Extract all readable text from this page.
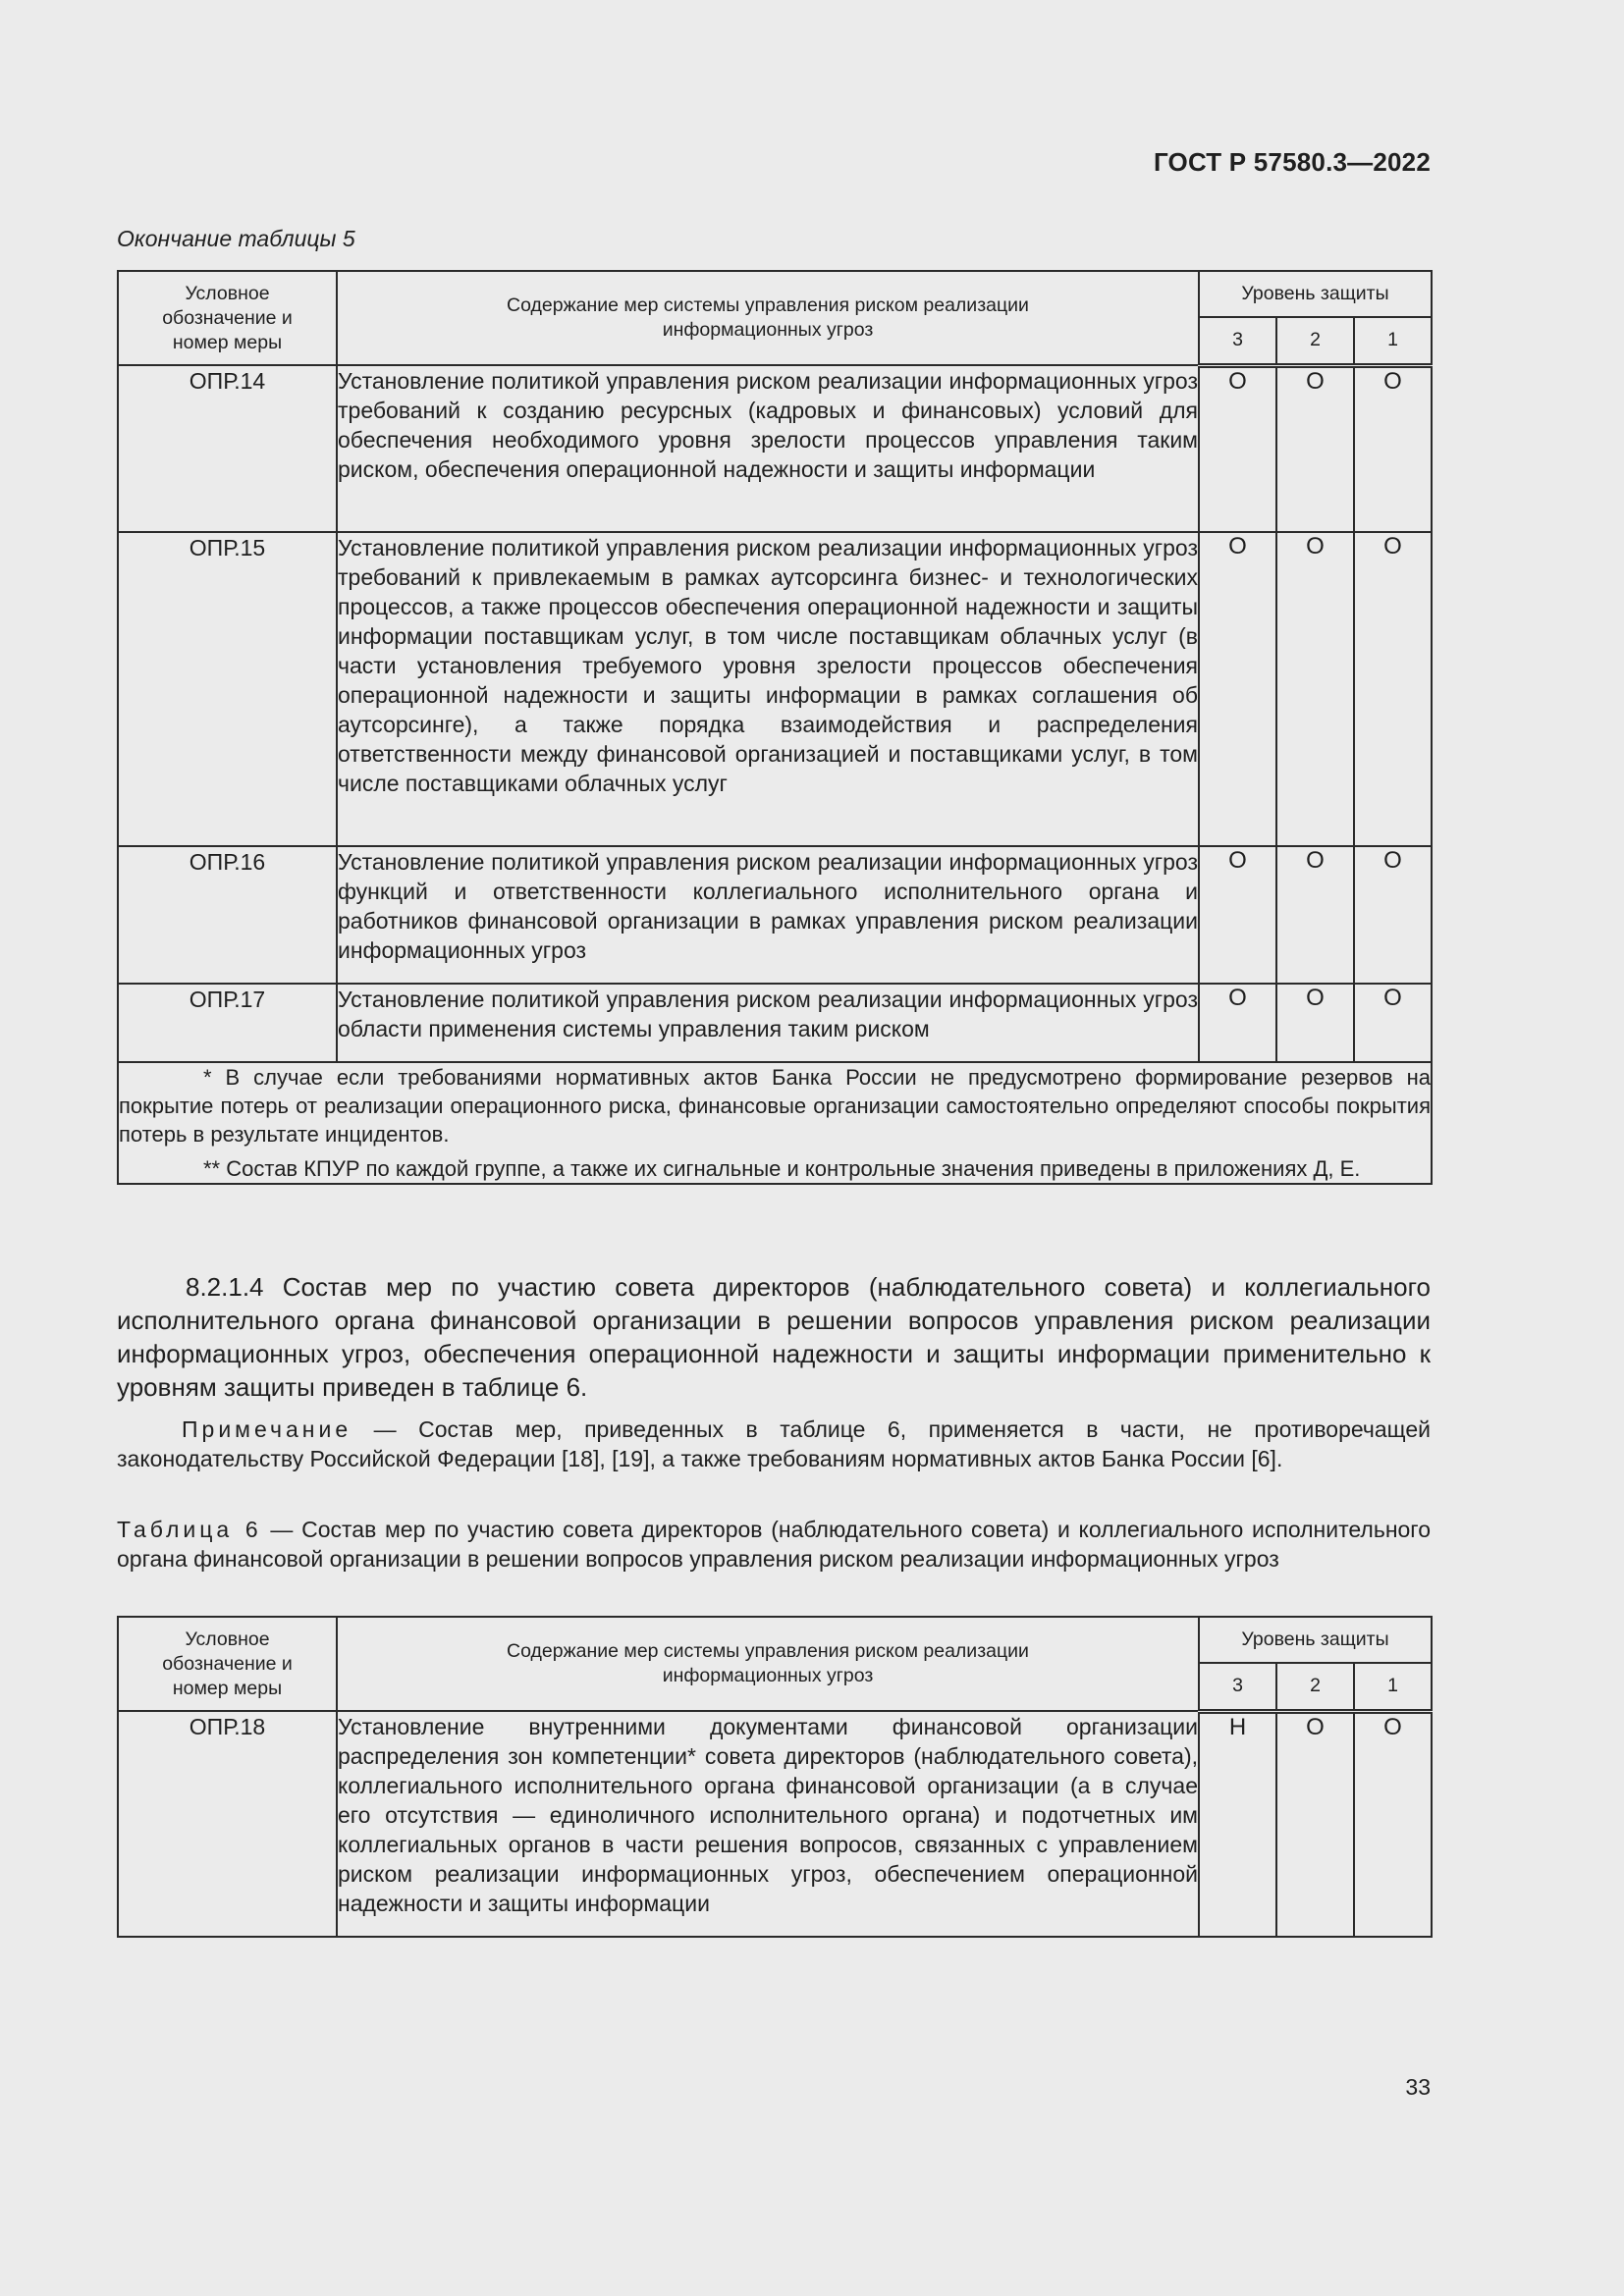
ГОСТ Р 57580.3—2022
Окончание таблицы 5
Условное обозначение и номер меры	Содержание мер системы управления риском реализации информационных угроз	Уровень защиты		
		3	2	1
ОПР.14	Установление политикой управления риском реализации информационных угроз требований к созданию ресурсных (кадровых и финансовых) условий для обеспечения необходимого уровня зрелости процессов управления таким риском, обеспечения операционной надежности и защиты информации	О	О	О
ОПР.15	Установление политикой управления риском реализации информационных угроз требований к привлекаемым в рамках аутсорсинга бизнес- и технологических процессов, а также процессов обеспечения операционной надежности и защиты информации поставщикам услуг, в том числе поставщикам облачных услуг (в части установления требуемого уровня зрелости процессов обеспечения операционной надежности и защиты информации в рамках соглашения об аутсорсинге), а также порядка взаимодействия и распределения ответственности между финансовой организацией и поставщиками услуг, в том числе поставщиками облачных услуг	О	О	О
ОПР.16	Установление политикой управления риском реализации информационных угроз функций и ответственности коллегиального исполнительного органа и работников финансовой организации в рамках управления риском реализации информационных угроз	О	О	О
ОПР.17	Установление политикой управления риском реализации информационных угроз области применения системы управления таким риском	О	О	О

* В случае если требованиями нормативных актов Банка России не предусмотрено формирование резервов на покрытие потерь от реализации операционного риска, финансовые организации самостоятельно определяют способы покрытия потерь в результате инцидентов.

** Состав КПУР по каждой группе, а также их сигнальные и контрольные значения приведены в приложениях Д, Е.				

8.2.1.4 Состав мер по участию совета директоров (наблюдательного совета) и коллегиального исполнительного органа финансовой организации в решении вопросов управления риском реализации информационных угроз, обеспечения операционной надежности и защиты информации применительно к уровням защиты приведен в таблице 6.
Примечание — Состав мер, приведенных в таблице 6, применяется в части, не противоречащей законодательству Российской Федерации [18], [19], а также требованиям нормативных актов Банка России [6].
Таблица 6 — Состав мер по участию совета директоров (наблюдательного совета) и коллегиального исполнительного органа финансовой организации в решении вопросов управления риском реализации информационных угроз
Условное обозначение и номер меры	Содержание мер системы управления риском реализации информационных угроз	Уровень защиты		
		3	2	1
ОПР.18	Установление внутренними документами финансовой организации распределения зон компетенции* совета директоров (наблюдательного совета), коллегиального исполнительного органа финансовой организации (а в случае его отсутствия — единоличного исполнительного органа) и подотчетных им коллегиальных органов в части решения вопросов, связанных с управлением риском реализации информационных угроз, обеспечением операционной надежности и защиты информации	Н	О	О
33
